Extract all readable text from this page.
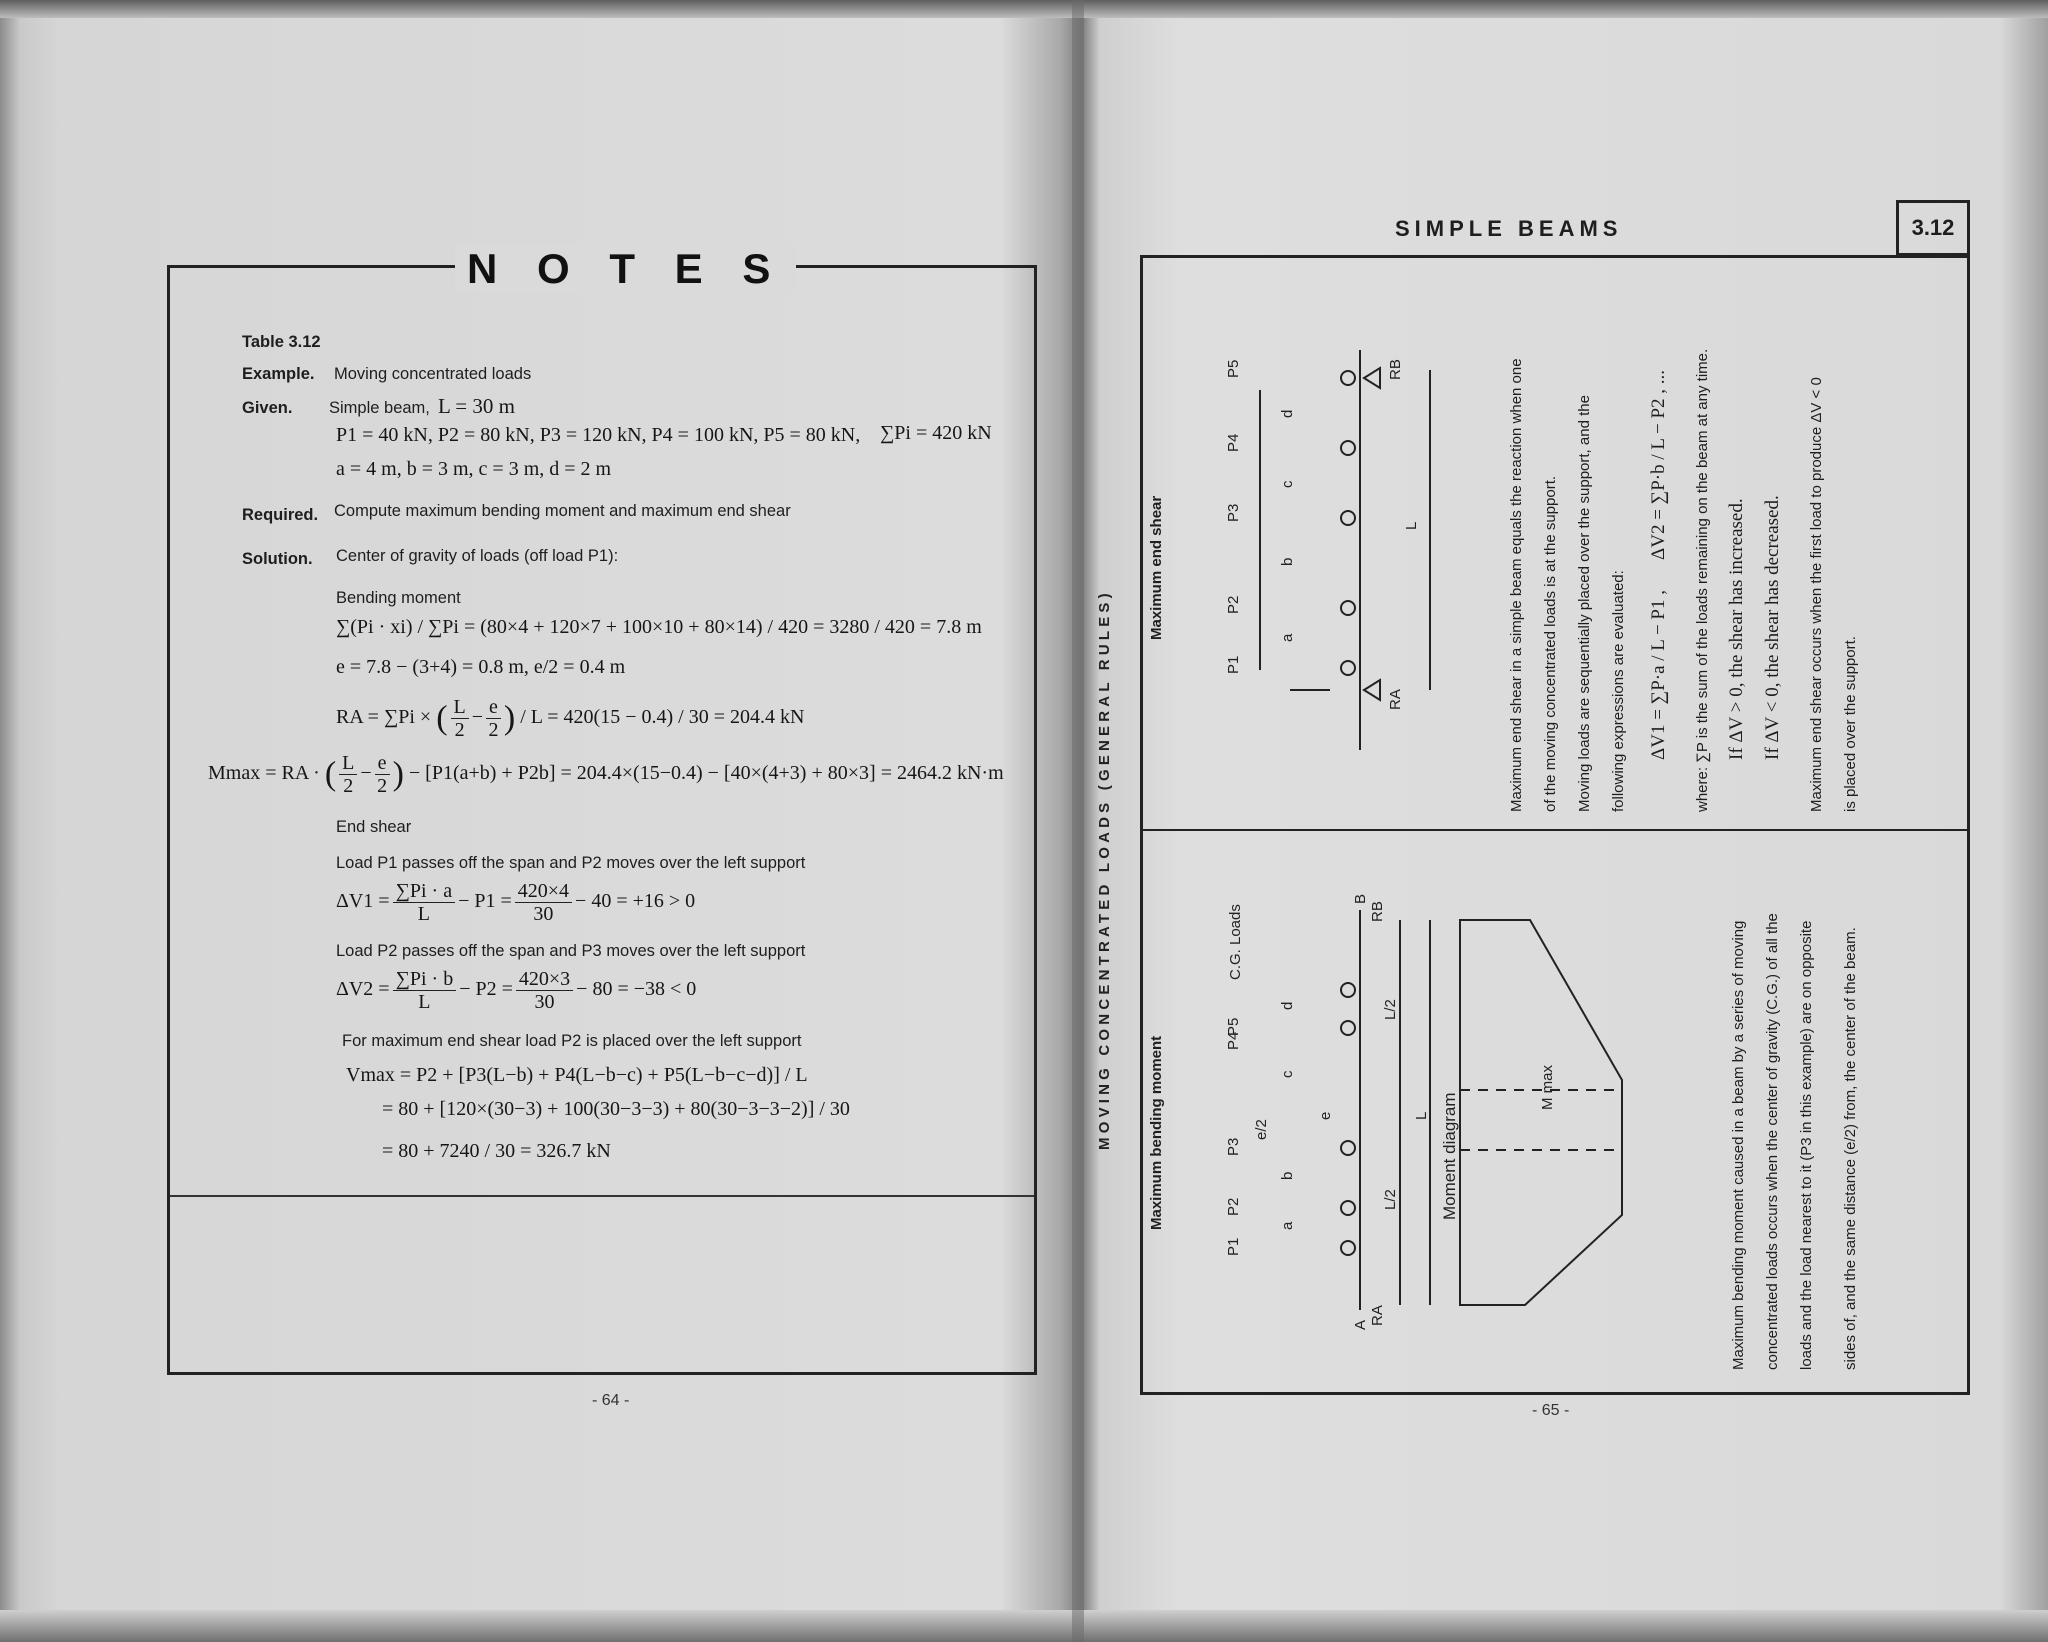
N O T E S
Table 3.12
Example. Moving concentrated loads
Given. Simple beam, L = 30 m
P1 = 40 kN, P2 = 80 kN, P3 = 120 kN, P4 = 100 kN, P5 = 80 kN, ∑Pi = 420 kN
a = 4 m, b = 3 m, c = 3 m, d = 2 m
Required. Compute maximum bending moment and maximum end shear
Solution. Center of gravity of loads (off load P1):
Bending moment
∑(Pi · xi) / ∑Pi = (80×4 + 120×7 + 100×10 + 80×14) / 420 = 3280 / 420 = 7.8 m
e = 7.8 − (3+4) = 0.8 m, e/2 = 0.4 m
RA = ∑Pi × ( $\frac{L}{2} - \frac{e}{2}$ ) / L = 420(15 − 0.4) / 30 = 204.4 kN
Mmax = RA · ( $\frac{L}{2} - \frac{e}{2}$ ) − [P1(a+b) + P2b] = 204.4×(15−0.4) − [40×(4+3) + 80×3] = 2464.2 kN·m
End shear
Load P1 passes off the span and P2 moves over the left support
$\Delta V1 = \frac{\sum Pi \cdot a}{L} - P1 = \frac{420\times 4}{30} - 40 = +16 > 0$
Load P2 passes off the span and P3 moves over the left support
$\Delta V2 = \frac{\sum Pi \cdot b}{L} - P2 = \frac{420\times 3}{30} - 80 = -38 < 0$
For maximum end shear load P2 is placed over the left support
Vmax = P2 + [P3(L−b) + P4(L−b−c) + P5(L−b−c−d)] / L
= 80 + [120×(30−3) + 100(30−3−3) + 80(30−3−3−2)] / 30
= 80 + 7240 / 30 = 326.7 kN
- 64 -
SIMPLE BEAMS	3.12
MOVING CONCENTRATED LOADS (GENERAL RULES)
Maximum end shear	Maximum end shear in a simple beam equals the reaction when one of the moving concentrated loads is at the support. Moving loads are sequentially placed over the support, and the following expressions are evaluated: ΔV1 = ∑P·a / L − P1 ,
ΔV2 = ∑P·b / L − P2 , ... where: ∑P is the sum of the loads remaining on the beam at any time. If ΔV > 0, the shear has increased. If ΔV < 0, the shear has decreased. Maximum end shear occurs when the first load to produce ΔV < 0 is placed over the support.
P5
P4
P3
P2
P1
d
c
b
a
L
RB
RA
Maximum bending moment	Maximum bending moment caused in a beam by a series of moving concentrated loads occurs when the center of gravity (C.G.) of all the loads and the load nearest to it (P3 in this example) are on opposite sides of, and the same distance (e/2) from, the center of the beam.
C.G. Loads
P5
P4
P3
P2
P1
c
d
b
a
e/2
e
L/2
L/2
L Moment diagram
M max
RB
RA
B
A
- 65 -
